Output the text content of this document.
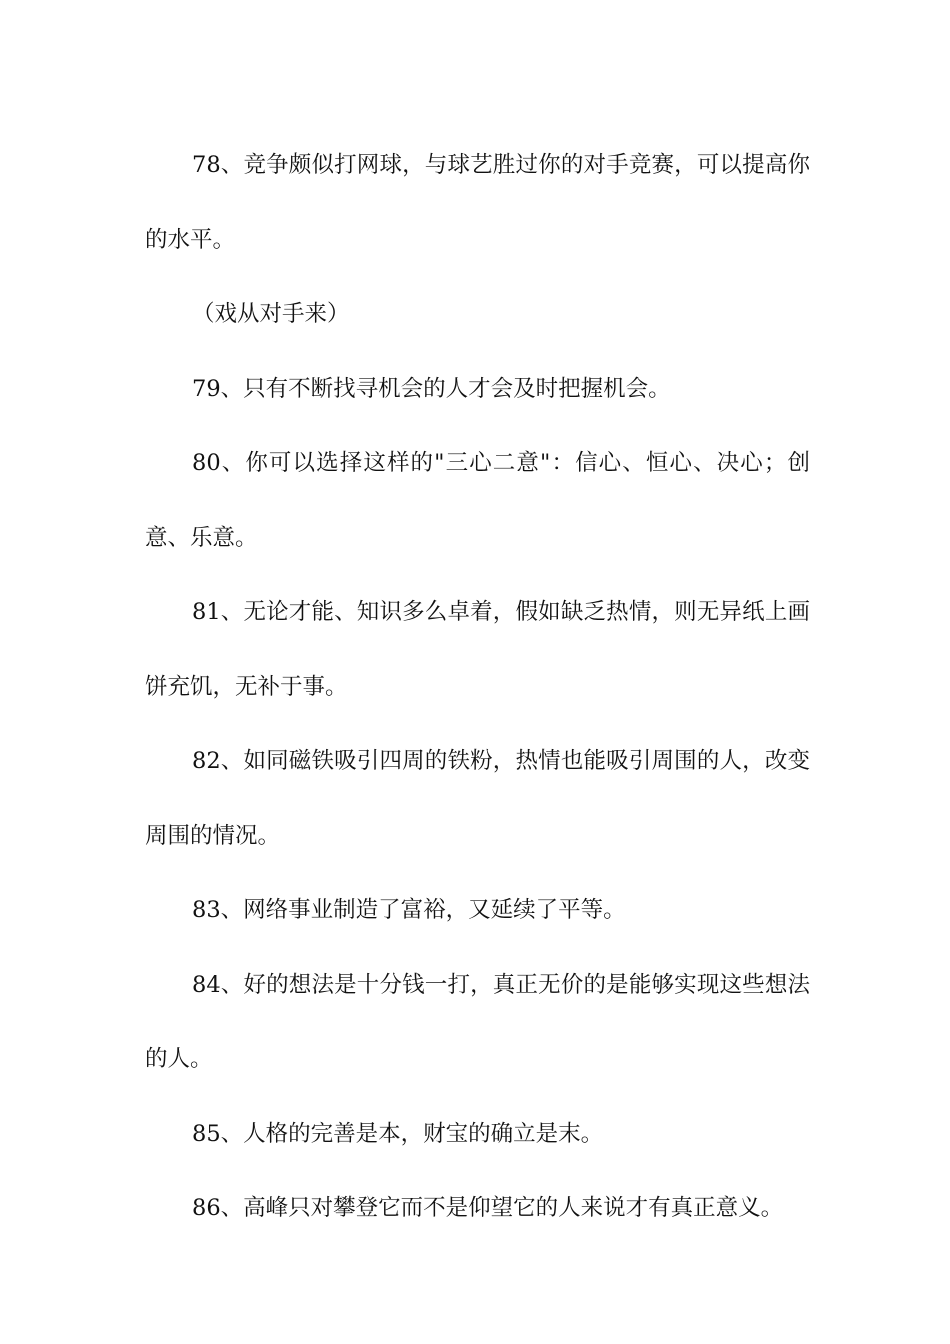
78、竞争颇似打网球，与球艺胜过你的对手竞赛，可以提高你的水平。

（戏从对手来）

79、只有不断找寻机会的人才会及时把握机会。

80、你可以选择这样的"三心二意"：信心、恒心、决心；创意、乐意。

81、无论才能、知识多么卓着，假如缺乏热情，则无异纸上画饼充饥，无补于事。

82、如同磁铁吸引四周的铁粉，热情也能吸引周围的人，改变周围的情况。

83、网络事业制造了富裕，又延续了平等。

84、好的想法是十分钱一打，真正无价的是能够实现这些想法的人。

85、人格的完善是本，财宝的确立是末。

86、高峰只对攀登它而不是仰望它的人来说才有真正意义。
